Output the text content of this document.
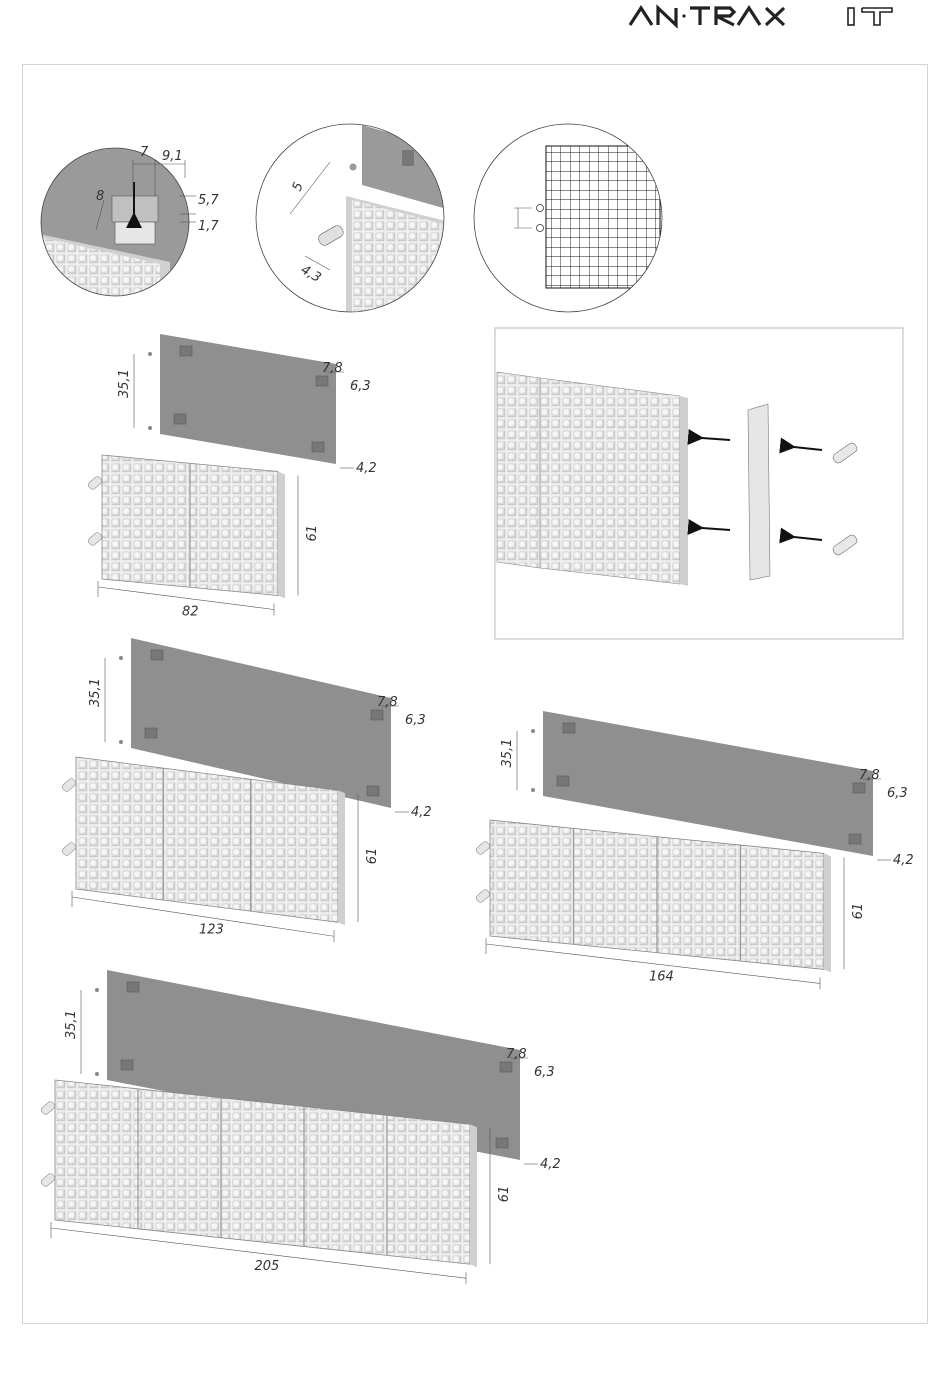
AN·TRAX IT
7 9,1
5,7
1,7
8
5
4,3
35,1
7,8
6,3
4,2
61
82
35,1	7,8
6,3
4,2
61
123
35,1
7,8
6,3
4,2
61
164
35,1
7,8
6,3
4,2
61
205
